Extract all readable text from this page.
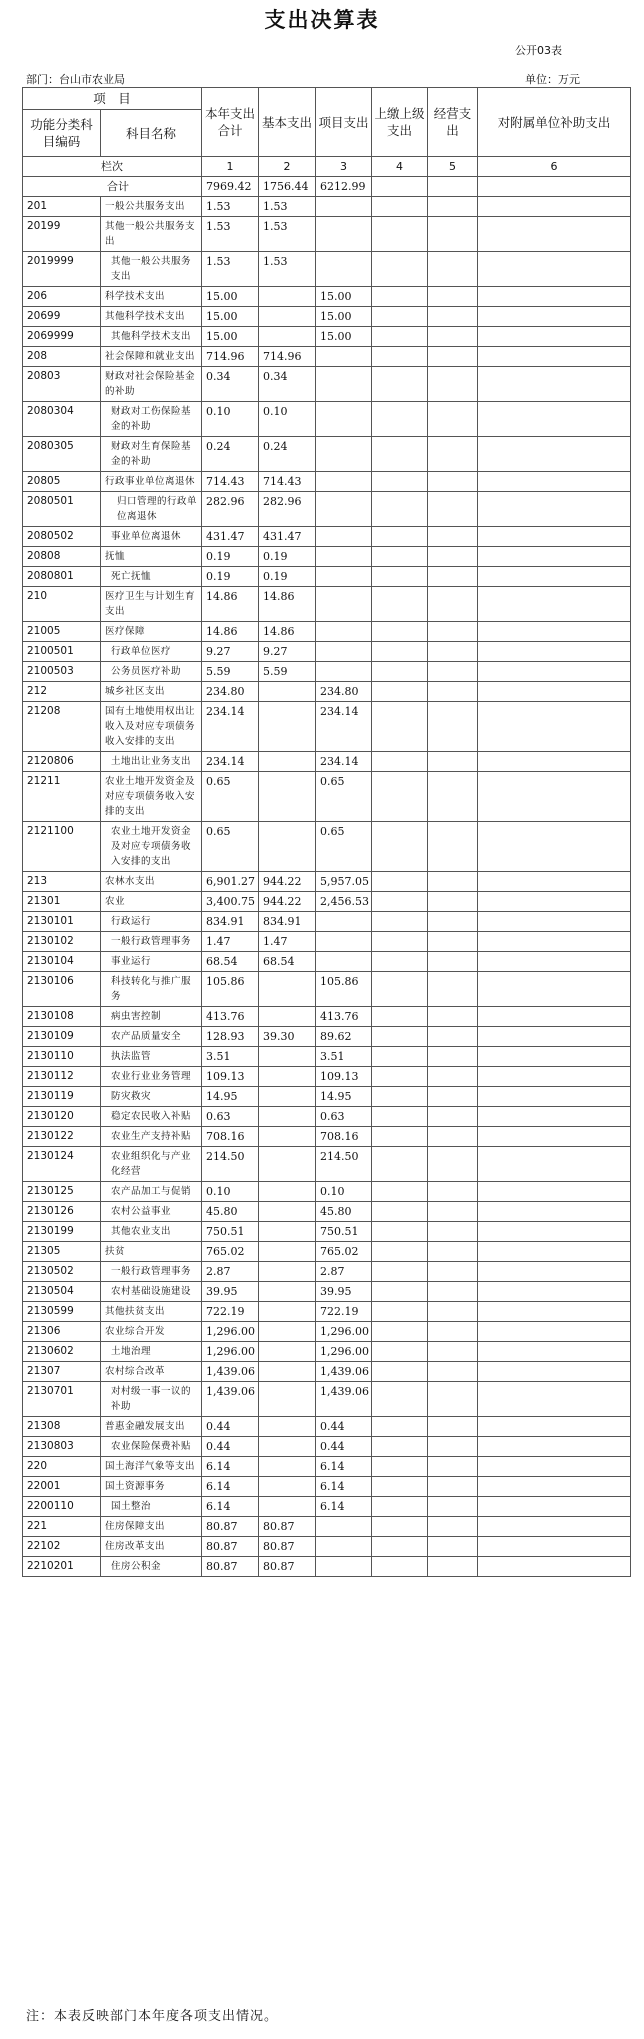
支出决算表
公开03表
部门：台山市农业局	单位：万元
项　目		本年支出合计	基本支出	项目支出	上缴上级支出	经营支出	对附属单位补助支出
功能分类科目编码	科目名称						
栏次		1	2	3	4	5	6
合计		7969.42	1756.44	6212.99			
201	一般公共服务支出	1.53	1.53				
20199	其他一般公共服务支出	1.53	1.53				
2019999	其他一般公共服务支出	1.53	1.53				
206	科学技术支出	15.00		15.00			
20699	其他科学技术支出	15.00		15.00			
2069999	其他科学技术支出	15.00		15.00			
208	社会保障和就业支出	714.96	714.96				
20803	财政对社会保险基金的补助	0.34	0.34				
2080304	财政对工伤保险基金的补助	0.10	0.10				
2080305	财政对生育保险基金的补助	0.24	0.24				
20805	行政事业单位离退休	714.43	714.43				
2080501	归口管理的行政单位离退休	282.96	282.96				
2080502	事业单位离退休	431.47	431.47				
20808	抚恤	0.19	0.19				
2080801	死亡抚恤	0.19	0.19				
210	医疗卫生与计划生育支出	14.86	14.86				
21005	医疗保障	14.86	14.86				
2100501	行政单位医疗	9.27	9.27				
2100503	公务员医疗补助	5.59	5.59				
212	城乡社区支出	234.80		234.80			
21208	国有土地使用权出让收入及对应专项债务收入安排的支出	234.14		234.14			
2120806	土地出让业务支出	234.14		234.14			
21211	农业土地开发资金及对应专项债务收入安排的支出	0.65		0.65			
2121100	农业土地开发资金及对应专项债务收入安排的支出	0.65		0.65			
213	农林水支出	6,901.27	944.22	5,957.05			
21301	农业	3,400.75	944.22	2,456.53			
2130101	行政运行	834.91	834.91				
2130102	一般行政管理事务	1.47	1.47				
2130104	事业运行	68.54	68.54				
2130106	科技转化与推广服务	105.86		105.86			
2130108	病虫害控制	413.76		413.76			
2130109	农产品质量安全	128.93	39.30	89.62			
2130110	执法监管	3.51		3.51			
2130112	农业行业业务管理	109.13		109.13			
2130119	防灾救灾	14.95		14.95			
2130120	稳定农民收入补贴	0.63		0.63			
2130122	农业生产支持补贴	708.16		708.16			
2130124	农业组织化与产业化经营	214.50		214.50			
2130125	农产品加工与促销	0.10		0.10			
2130126	农村公益事业	45.80		45.80			
2130199	其他农业支出	750.51		750.51			
21305	扶贫	765.02		765.02			
2130502	一般行政管理事务	2.87		2.87			
2130504	农村基础设施建设	39.95		39.95			
2130599	其他扶贫支出	722.19		722.19			
21306	农业综合开发	1,296.00		1,296.00			
2130602	土地治理	1,296.00		1,296.00			
21307	农村综合改革	1,439.06		1,439.06			
2130701	对村级一事一议的补助	1,439.06		1,439.06			
21308	普惠金融发展支出	0.44		0.44			
2130803	农业保险保费补贴	0.44		0.44			
220	国土海洋气象等支出	6.14		6.14			
22001	国土资源事务	6.14		6.14			
2200110	国土整治	6.14		6.14			
221	住房保障支出	80.87	80.87				
22102	住房改革支出	80.87	80.87				
2210201	住房公积金	80.87	80.87				
注：本表反映部门本年度各项支出情况。
